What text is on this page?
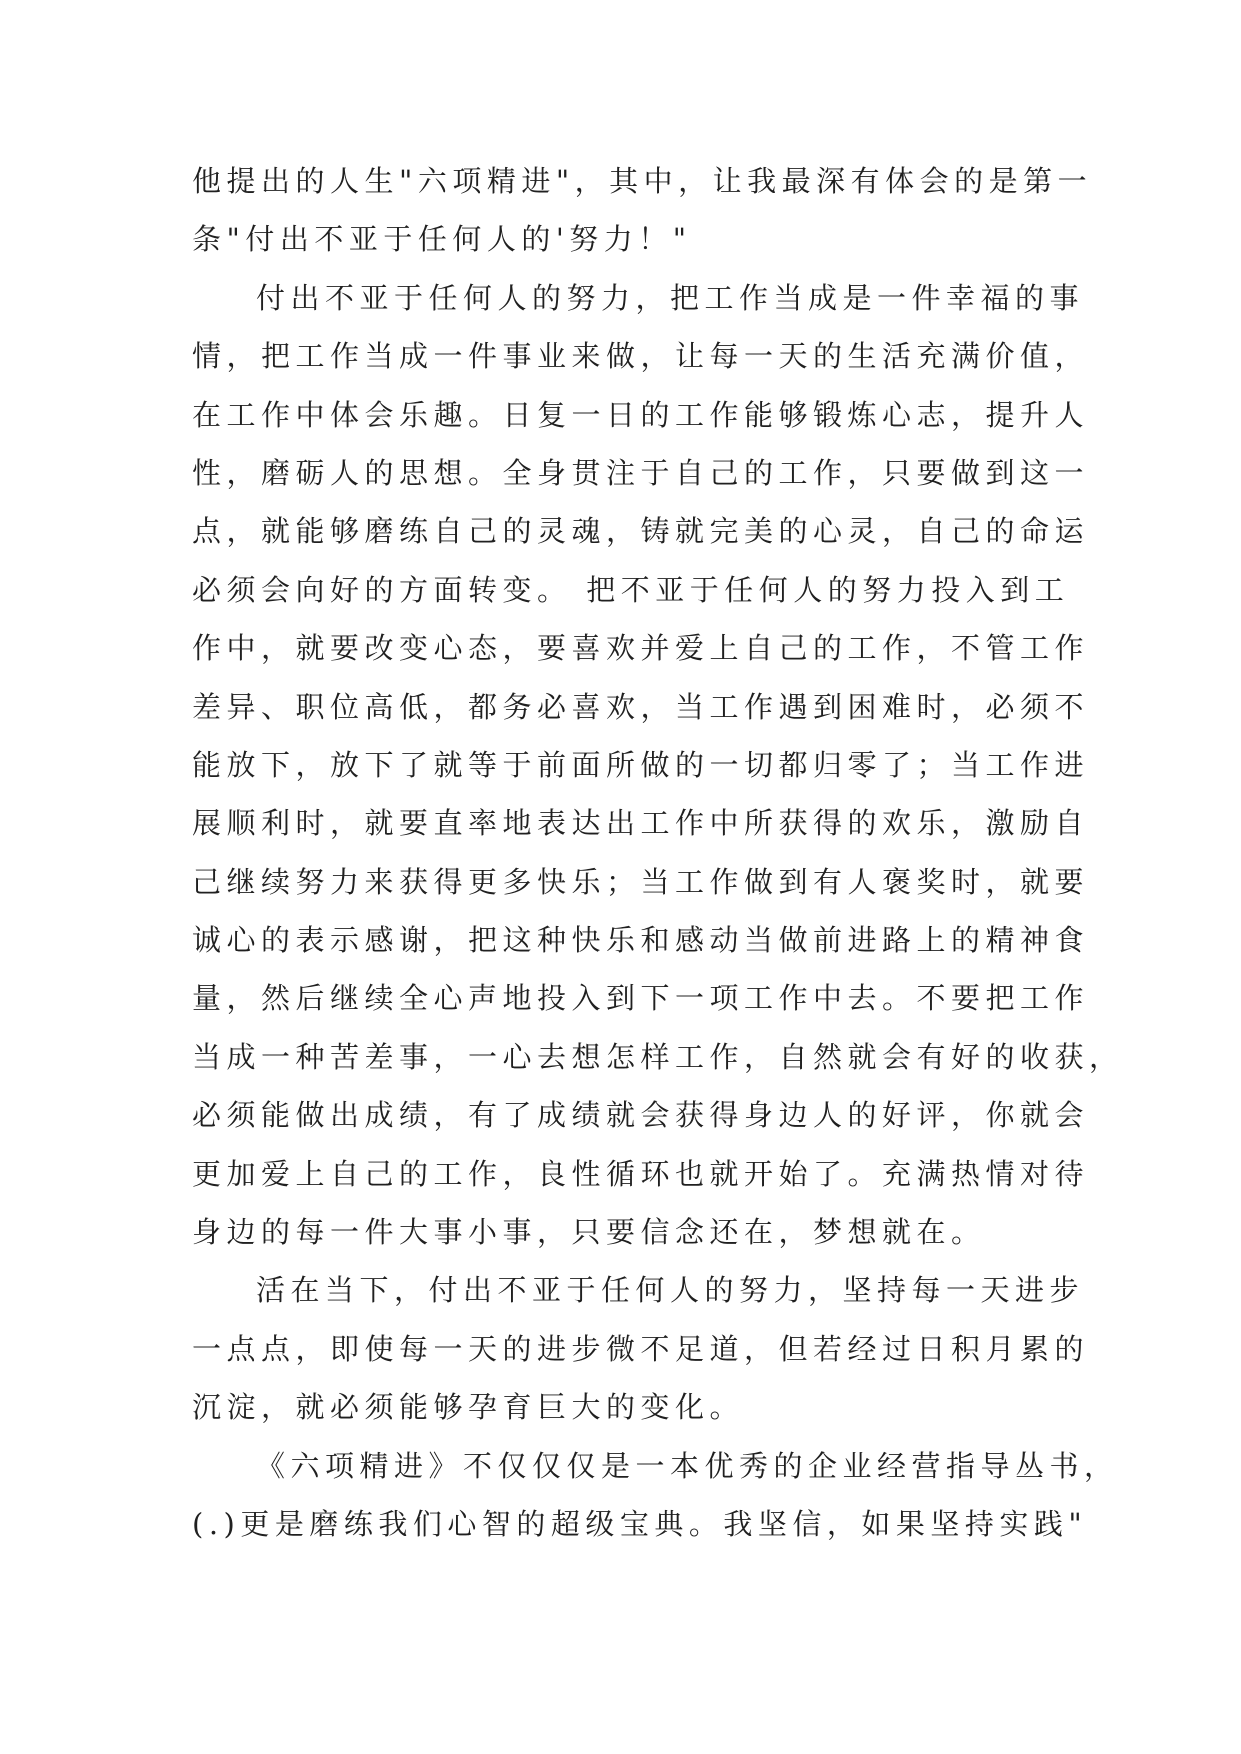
他提出的人生"六项精进"，其中，让我最深有体会的是第一
条"付出不亚于任何人的'努力！"
付出不亚于任何人的努力，把工作当成是一件幸福的事
情，把工作当成一件事业来做，让每一天的生活充满价值，
在工作中体会乐趣。日复一日的工作能够锻炼心志，提升人
性，磨砺人的思想。全身贯注于自己的工作，只要做到这一
点，就能够磨练自己的灵魂，铸就完美的心灵，自己的命运
必须会向好的方面转变。 把不亚于任何人的努力投入到工
作中，就要改变心态，要喜欢并爱上自己的工作，不管工作
差异、职位高低，都务必喜欢，当工作遇到困难时，必须不
能放下，放下了就等于前面所做的一切都归零了；当工作进
展顺利时，就要直率地表达出工作中所获得的欢乐，激励自
己继续努力来获得更多快乐；当工作做到有人褒奖时，就要
诚心的表示感谢，把这种快乐和感动当做前进路上的精神食
量，然后继续全心声地投入到下一项工作中去。不要把工作
当成一种苦差事，一心去想怎样工作，自然就会有好的收获，
必须能做出成绩，有了成绩就会获得身边人的好评，你就会
更加爱上自己的工作，良性循环也就开始了。充满热情对待
身边的每一件大事小事，只要信念还在，梦想就在。
活在当下，付出不亚于任何人的努力，坚持每一天进步
一点点，即使每一天的进步微不足道，但若经过日积月累的
沉淀，就必须能够孕育巨大的变化。
《六项精进》不仅仅仅是一本优秀的企业经营指导丛书，
(.)更是磨练我们心智的超级宝典。我坚信，如果坚持实践"
